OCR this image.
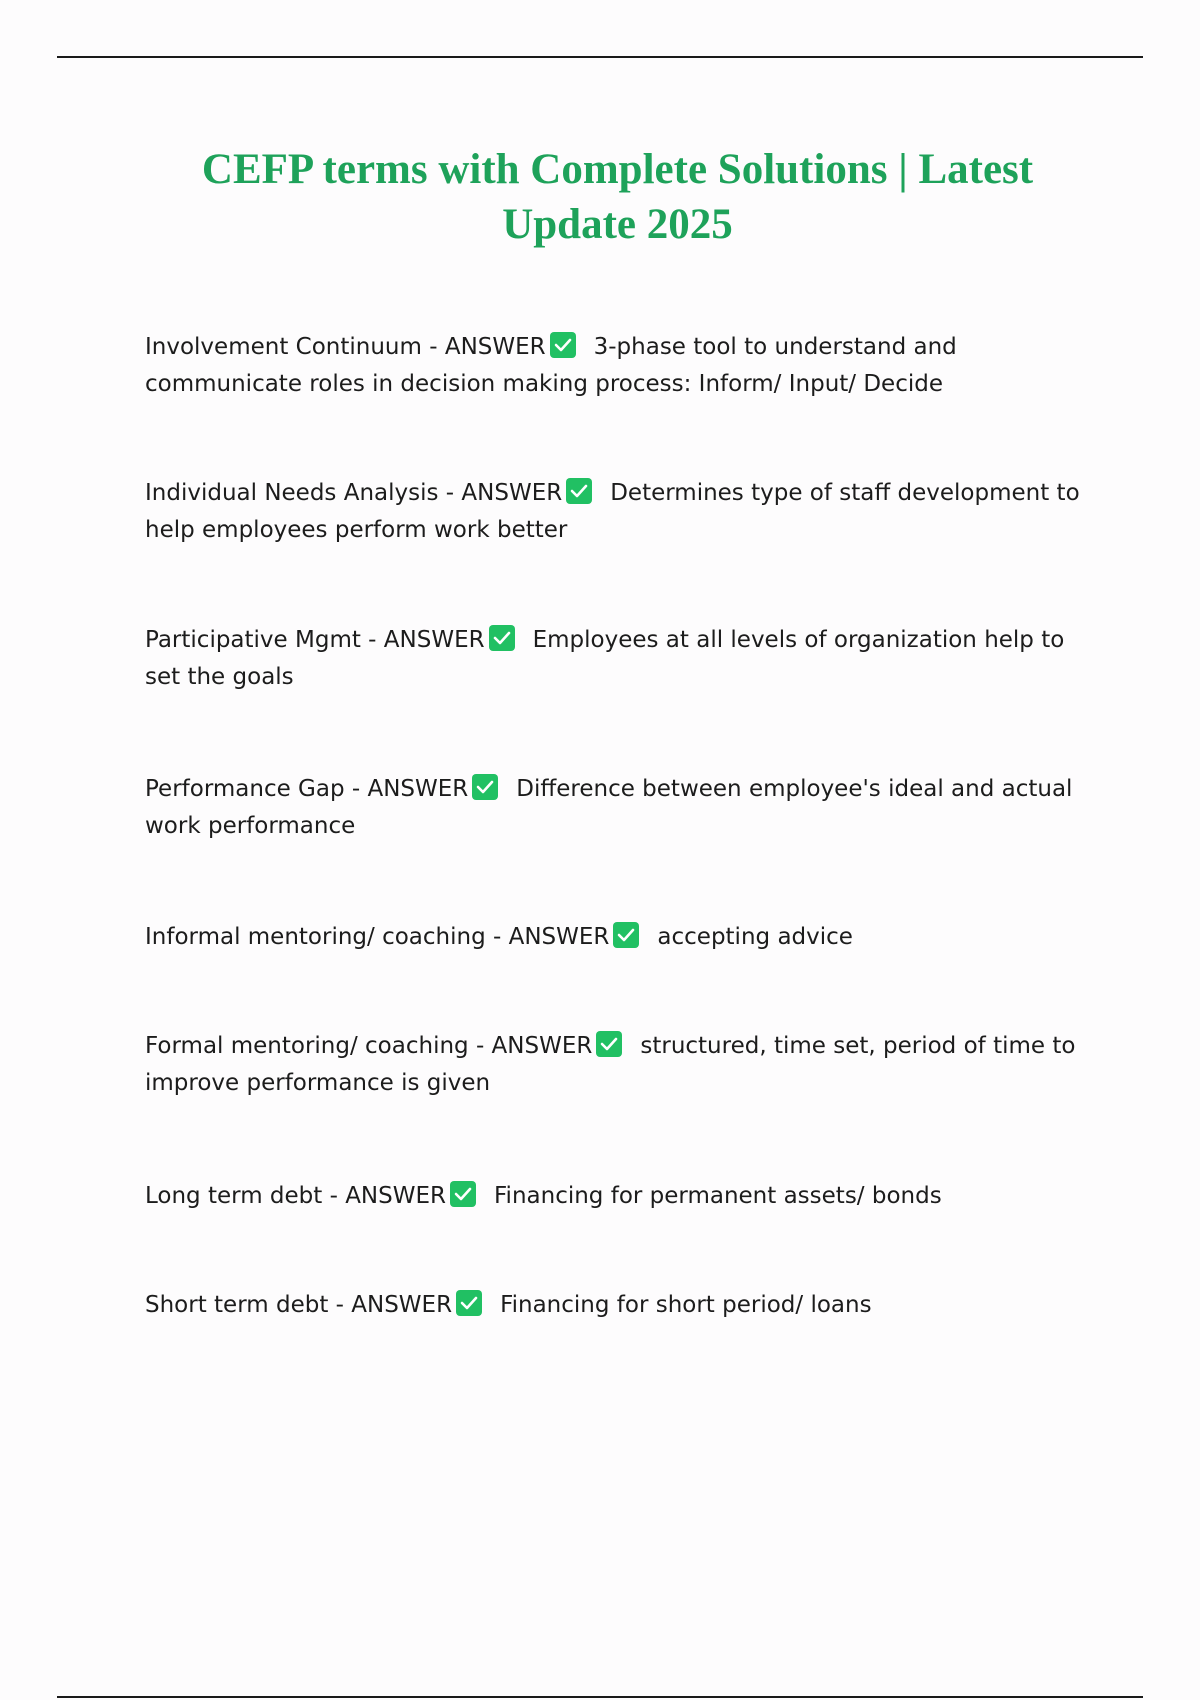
CEFP terms with Complete Solutions | Latest Update 2025
Involvement Continuum - ANSWER 3-phase tool to understand and communicate roles in decision making process: Inform/ Input/ Decide
Individual Needs Analysis - ANSWER Determines type of staff development to help employees perform work better
Participative Mgmt - ANSWER Employees at all levels of organization help to set the goals
Performance Gap - ANSWER Difference between employee's ideal and actual work performance
Informal mentoring/ coaching - ANSWER accepting advice
Formal mentoring/ coaching - ANSWER structured, time set, period of time to improve performance is given
Long term debt - ANSWER Financing for permanent assets/ bonds
Short term debt - ANSWER Financing for short period/ loans
